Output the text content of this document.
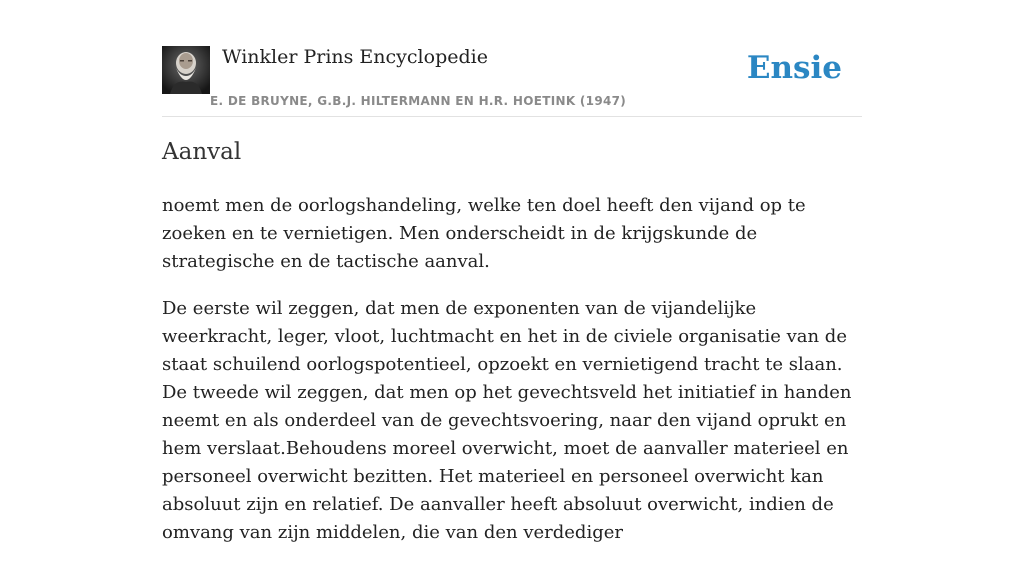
Winkler Prins Encyclopedie
E. DE BRUYNE, G.B.J. HILTERMANN EN H.R. HOETINK (1947)
Ensie
Aanval

noemt men de oorlogshandeling, welke ten doel heeft den vijand op te zoeken en te vernietigen. Men onderscheidt in de krijgskunde de strategische en de tactische aanval.

De eerste wil zeggen, dat men de exponenten van de vijandelijke weerkracht, leger, vloot, luchtmacht en het in de civiele organisatie van de staat schuilend oorlogspotentieel, opzoekt en vernietigend tracht te slaan. De tweede wil zeggen, dat men op het gevechtsveld het initiatief in handen neemt en als onderdeel van de gevechtsvoering, naar den vijand oprukt en hem verslaat.Behoudens moreel overwicht, moet de aanvaller materieel en personeel overwicht bezitten. Het materieel en personeel overwicht kan absoluut zijn en relatief. De aanvaller heeft absoluut overwicht, indien de omvang van zijn middelen, die van den verdediger
